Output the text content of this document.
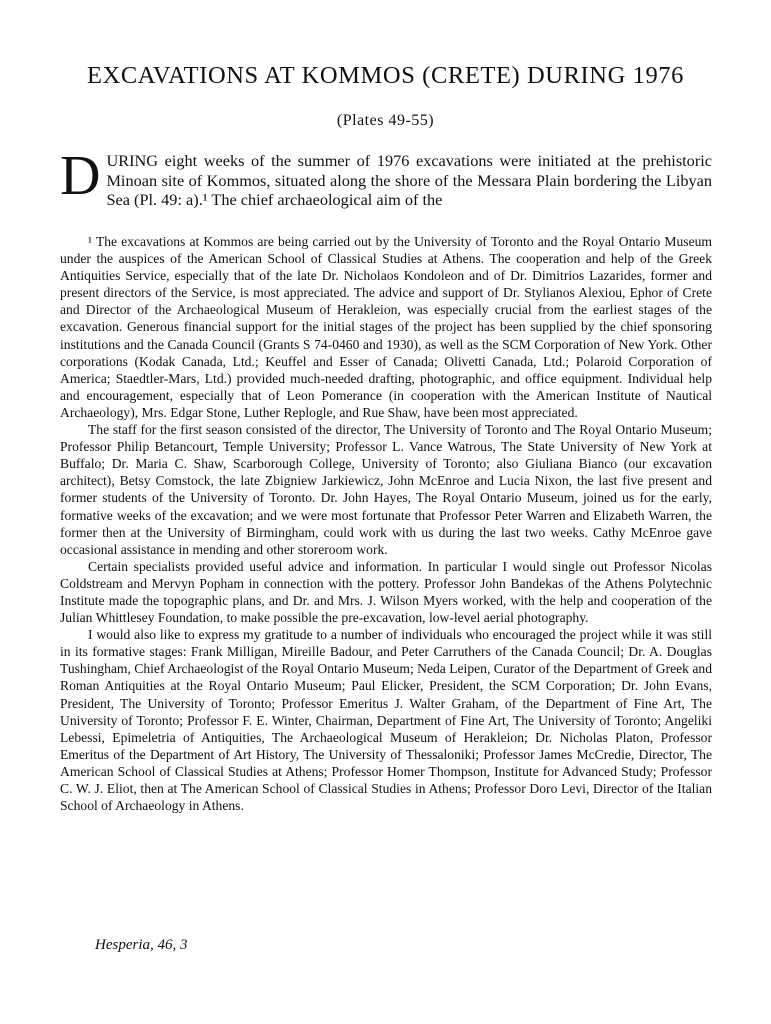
EXCAVATIONS AT KOMMOS (CRETE) DURING 1976
(Plates 49-55)

DURING eight weeks of the summer of 1976 excavations were initiated at the prehistoric Minoan site of Kommos, situated along the shore of the Messara Plain bordering the Libyan Sea (Pl. 49: a).¹ The chief archaeological aim of the

¹ The excavations at Kommos are being carried out by the University of Toronto and the Royal Ontario Museum under the auspices of the American School of Classical Studies at Athens. The cooperation and help of the Greek Antiquities Service, especially that of the late Dr. Nicholaos Kondoleon and of Dr. Dimitrios Lazarides, former and present directors of the Service, is most appreciated. The advice and support of Dr. Stylianos Alexiou, Ephor of Crete and Director of the Archaeological Museum of Herakleion, was especially crucial from the earliest stages of the excavation. Generous financial support for the initial stages of the project has been supplied by the chief sponsoring institutions and the Canada Council (Grants S 74-0460 and 1930), as well as the SCM Corporation of New York. Other corporations (Kodak Canada, Ltd.; Keuffel and Esser of Canada; Olivetti Canada, Ltd.; Polaroid Corporation of America; Staedtler-Mars, Ltd.) provided much-needed drafting, photographic, and office equipment. Individual help and encouragement, especially that of Leon Pomerance (in cooperation with the American Institute of Nautical Archaeology), Mrs. Edgar Stone, Luther Replogle, and Rue Shaw, have been most appreciated.

The staff for the first season consisted of the director, The University of Toronto and The Royal Ontario Museum; Professor Philip Betancourt, Temple University; Professor L. Vance Watrous, The State University of New York at Buffalo; Dr. Maria C. Shaw, Scarborough College, University of Toronto; also Giuliana Bianco (our excavation architect), Betsy Comstock, the late Zbigniew Jarkiewicz, John McEnroe and Lucia Nixon, the last five present and former students of the University of Toronto. Dr. John Hayes, The Royal Ontario Museum, joined us for the early, formative weeks of the excavation; and we were most fortunate that Professor Peter Warren and Elizabeth Warren, the former then at the University of Birmingham, could work with us during the last two weeks. Cathy McEnroe gave occasional assistance in mending and other storeroom work.

Certain specialists provided useful advice and information. In particular I would single out Professor Nicolas Coldstream and Mervyn Popham in connection with the pottery. Professor John Bandekas of the Athens Polytechnic Institute made the topographic plans, and Dr. and Mrs. J. Wilson Myers worked, with the help and cooperation of the Julian Whittlesey Foundation, to make possible the pre-excavation, low-level aerial photography.

I would also like to express my gratitude to a number of individuals who encouraged the project while it was still in its formative stages: Frank Milligan, Mireille Badour, and Peter Carruthers of the Canada Council; Dr. A. Douglas Tushingham, Chief Archaeologist of the Royal Ontario Museum; Neda Leipen, Curator of the Department of Greek and Roman Antiquities at the Royal Ontario Museum; Paul Elicker, President, the SCM Corporation; Dr. John Evans, President, The University of Toronto; Professor Emeritus J. Walter Graham, of the Department of Fine Art, The University of Toronto; Professor F. E. Winter, Chairman, Department of Fine Art, The University of Toronto; Angeliki Lebessi, Epimeletria of Antiquities, The Archaeological Museum of Herakleion; Dr. Nicholas Platon, Professor Emeritus of the Department of Art History, The University of Thessaloniki; Professor James McCredie, Director, The American School of Classical Studies at Athens; Professor Homer Thompson, Institute for Advanced Study; Professor C. W. J. Eliot, then at The American School of Classical Studies in Athens; Professor Doro Levi, Director of the Italian School of Archaeology in Athens.

Hesperia, 46, 3
